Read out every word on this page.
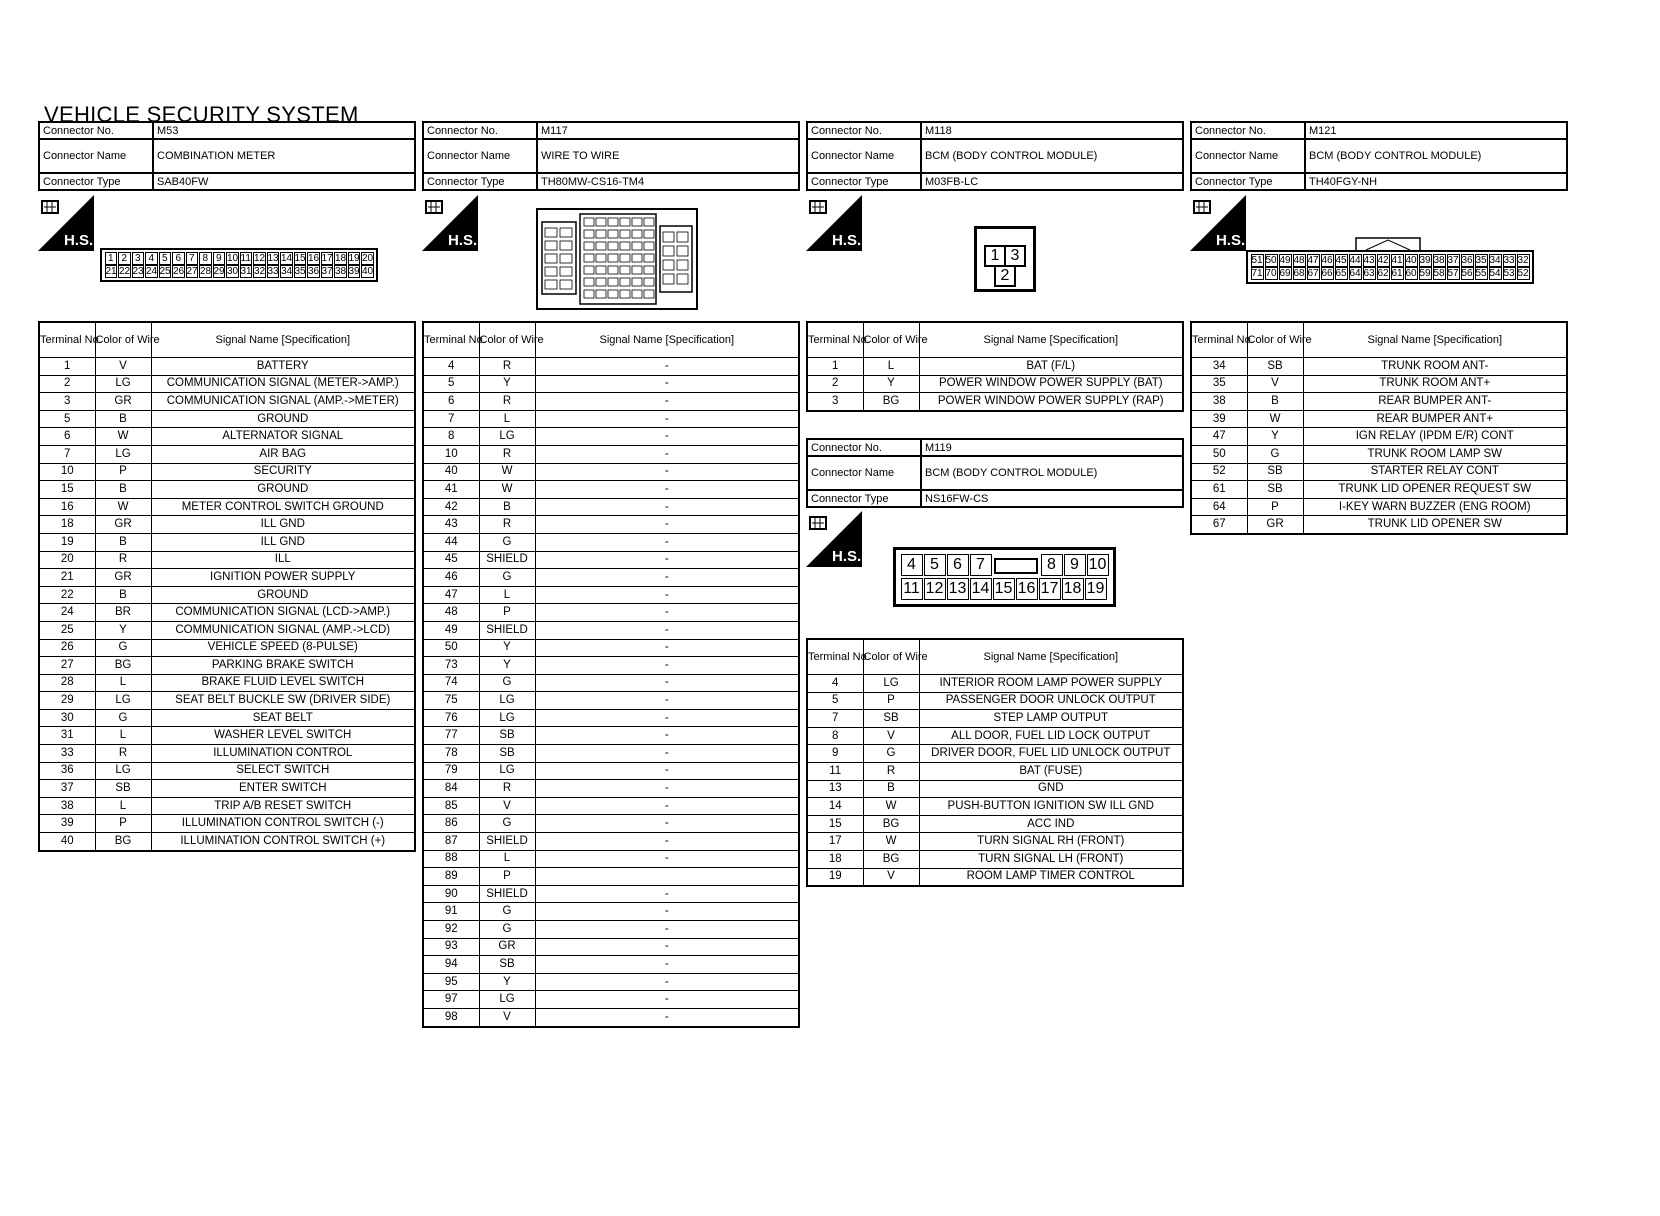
VEHICLE SECURITY SYSTEM
Connector No.	M53
Connector Name	COMBINATION METER
Connector Type	SAB40FW
Terminal No.	Color of Wire	Signal Name [Specification]
1	V	BATTERY
2	LG	COMMUNICATION SIGNAL (METER->AMP.)
3	GR	COMMUNICATION SIGNAL (AMP.->METER)
5	B	GROUND
6	W	ALTERNATOR SIGNAL
7	LG	AIR BAG
10	P	SECURITY
15	B	GROUND
16	W	METER CONTROL SWITCH GROUND
18	GR	ILL GND
19	B	ILL GND
20	R	ILL
21	GR	IGNITION POWER SUPPLY
22	B	GROUND
24	BR	COMMUNICATION SIGNAL (LCD->AMP.)
25	Y	COMMUNICATION SIGNAL (AMP.->LCD)
26	G	VEHICLE SPEED (8-PULSE)
27	BG	PARKING BRAKE SWITCH
28	L	BRAKE FLUID LEVEL SWITCH
29	LG	SEAT BELT BUCKLE SW (DRIVER SIDE)
30	G	SEAT BELT
31	L	WASHER LEVEL SWITCH
33	R	ILLUMINATION CONTROL
36	LG	SELECT SWITCH
37	SB	ENTER SWITCH
38	L	TRIP A/B RESET SWITCH
39	P	ILLUMINATION CONTROL SWITCH (-)
40	BG	ILLUMINATION CONTROL SWITCH (+)
Connector No.	M117
Connector Name	WIRE TO WIRE
Connector Type	TH80MW-CS16-TM4
Terminal No.	Color of Wire	Signal Name [Specification]
4	R	-
5	Y	-
6	R	-
7	L	-
8	LG	-
10	R	-
40	W	-
41	W	-
42	B	-
43	R	-
44	G	-
45	SHIELD	-
46	G	-
47	L	-
48	P	-
49	SHIELD	-
50	Y	-
73	Y	-
74	G	-
75	LG	-
76	LG	-
77	SB	-
78	SB	-
79	LG	-
84	R	-
85	V	-
86	G	-
87	SHIELD	-
88	L	-
89	P	
90	SHIELD	-
91	G	-
92	G	-
93	GR	-
94	SB	-
95	Y	-
97	LG	-
98	V	-
Connector No.	M118
Connector Name	BCM (BODY CONTROL MODULE)
Connector Type	M03FB-LC
Terminal No.	Color of Wire	Signal Name [Specification]
1	L	BAT (F/L)
2	Y	POWER WINDOW POWER SUPPLY (BAT)
3	BG	POWER WINDOW POWER SUPPLY (RAP)
Connector No.	M119
Connector Name	BCM (BODY CONTROL MODULE)
Connector Type	NS16FW-CS
Terminal No.	Color of Wire	Signal Name [Specification]
4	LG	INTERIOR ROOM LAMP POWER SUPPLY
5	P	PASSENGER DOOR UNLOCK OUTPUT
7	SB	STEP LAMP OUTPUT
8	V	ALL DOOR, FUEL LID LOCK OUTPUT
9	G	DRIVER DOOR, FUEL LID UNLOCK OUTPUT
11	R	BAT (FUSE)
13	B	GND
14	W	PUSH-BUTTON IGNITION SW ILL GND
15	BG	ACC IND
17	W	TURN SIGNAL RH (FRONT)
18	BG	TURN SIGNAL LH (FRONT)
19	V	ROOM LAMP TIMER CONTROL
Connector No.	M121
Connector Name	BCM (BODY CONTROL MODULE)
Connector Type	TH40FGY-NH
Terminal No.	Color of Wire	Signal Name [Specification]
34	SB	TRUNK ROOM ANT-
35	V	TRUNK ROOM ANT+
38	B	REAR BUMPER ANT-
39	W	REAR BUMPER ANT+
47	Y	IGN RELAY (IPDM E/R) CONT
50	G	TRUNK ROOM LAMP SW
52	SB	STARTER RELAY CONT
61	SB	TRUNK LID OPENER REQUEST SW
64	P	I-KEY WARN BUZZER (ENG ROOM)
67	GR	TRUNK LID OPENER SW
H.S.	H.S.	H.S.
H.S.
H.S.
1 2 3 4 5 6 7 8 9 10 11 12 13 14 15 16 17 18 19 20
21 22 23 24 25 26 27 28 29 30 31 32 33 34 35 36 37 38 39 40
1 3
2
4 5 6 7	8 9 10
11 12 13 14 15 16 17 18 19
51 50 49 48 47 46 45 44 43 42 41 40 39 38 37 36 35 34 33 32
71 70 69 68 67 66 65 64 63 62 61 60 59 58 57 56 55 54 53 52
